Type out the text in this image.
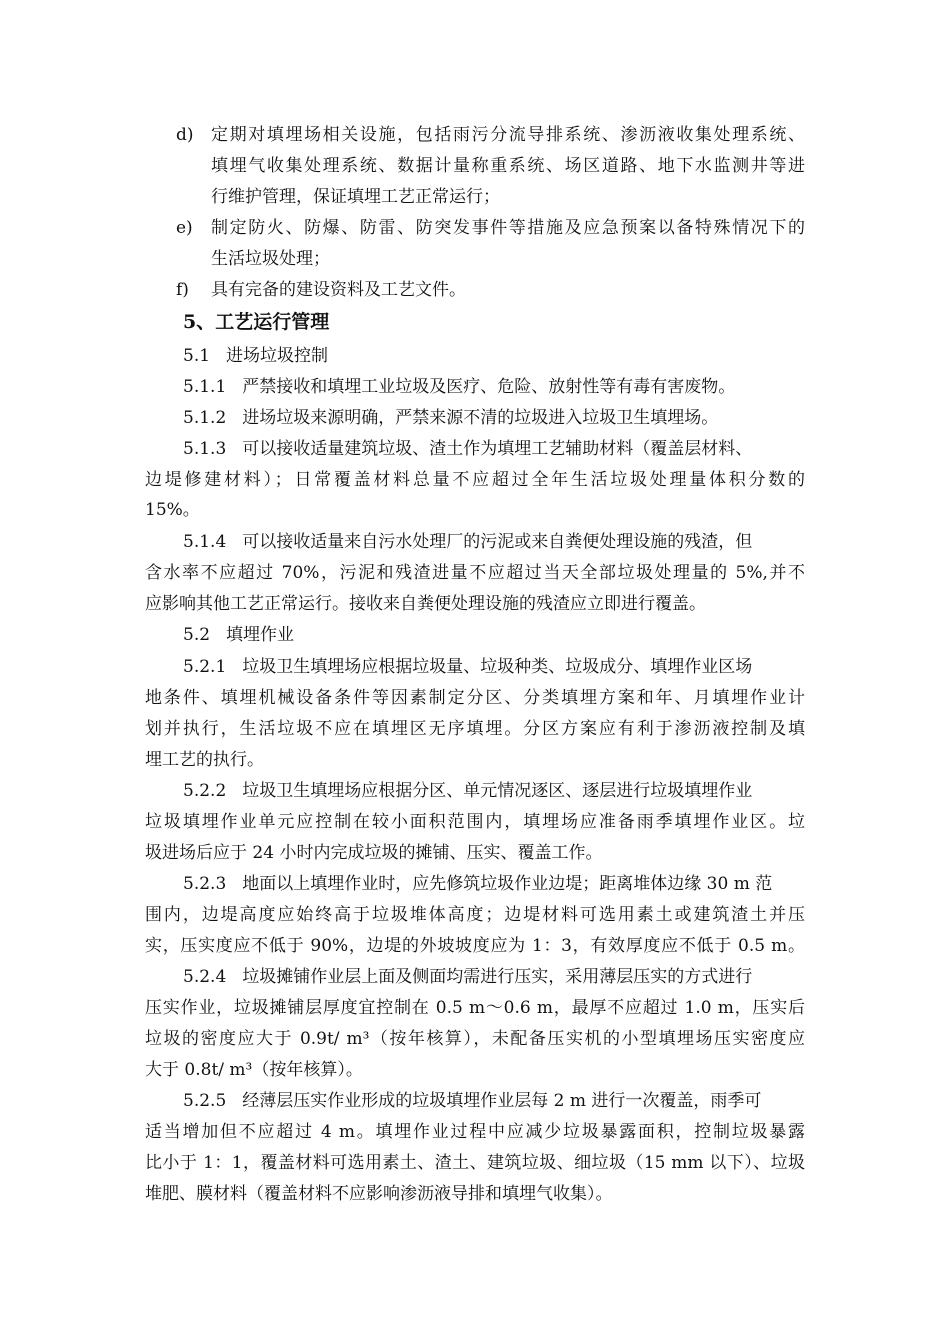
d) 定期对填埋场相关设施，包括雨污分流导排系统、渗沥液收集处理系统、
填埋气收集处理系统、数据计量称重系统、场区道路、地下水监测井等进
行维护管理，保证填埋工艺正常运行；
e) 制定防火、防爆、防雷、防突发事件等措施及应急预案以备特殊情况下的
生活垃圾处理；
f) 具有完备的建设资料及工艺文件。
5、工艺运行管理
5.1 进场垃圾控制
5.1.1 严禁接收和填埋工业垃圾及医疗、危险、放射性等有毒有害废物。
5.1.2 进场垃圾来源明确，严禁来源不清的垃圾进入垃圾卫生填埋场。
5.1.3 可以接收适量建筑垃圾、渣土作为填埋工艺辅助材料（覆盖层材料、
边堤修建材料）；日常覆盖材料总量不应超过全年生活垃圾处理量体积分数的
15%。
5.1.4 可以接收适量来自污水处理厂的污泥或来自粪便处理设施的残渣，但
含水率不应超过 70%，污泥和残渣进量不应超过当天全部垃圾处理量的 5%,并不
应影响其他工艺正常运行。接收来自粪便处理设施的残渣应立即进行覆盖。
5.2 填埋作业
5.2.1 垃圾卫生填埋场应根据垃圾量、垃圾种类、垃圾成分、填埋作业区场
地条件、填埋机械设备条件等因素制定分区、分类填埋方案和年、月填埋作业计
划并执行，生活垃圾不应在填埋区无序填埋。分区方案应有利于渗沥液控制及填
埋工艺的执行。
5.2.2 垃圾卫生填埋场应根据分区、单元情况逐区、逐层进行垃圾填埋作业
垃圾填埋作业单元应控制在较小面积范围内，填埋场应准备雨季填埋作业区。垃
圾进场后应于 24 小时内完成垃圾的摊铺、压实、覆盖工作。
5.2.3 地面以上填埋作业时，应先修筑垃圾作业边堤；距离堆体边缘 30 m 范
围内，边堤高度应始终高于垃圾堆体高度；边堤材料可选用素土或建筑渣土并压
实，压实度应不低于 90%，边堤的外坡坡度应为 1：3，有效厚度应不低于 0.5 m。
5.2.4 垃圾摊铺作业层上面及侧面均需进行压实，采用薄层压实的方式进行
压实作业，垃圾摊铺层厚度宜控制在 0.5 m～0.6 m，最厚不应超过 1.0 m，压实后
垃圾的密度应大于 0.9t/ m³（按年核算），未配备压实机的小型填埋场压实密度应
大于 0.8t/ m³（按年核算）。
5.2.5 经薄层压实作业形成的垃圾填埋作业层每 2 m 进行一次覆盖，雨季可
适当增加但不应超过 4 m。填埋作业过程中应减少垃圾暴露面积，控制垃圾暴露
比小于 1：1，覆盖材料可选用素土、渣土、建筑垃圾、细垃圾（15 mm 以下）、垃圾
堆肥、膜材料（覆盖材料不应影响渗沥液导排和填埋气收集）。
